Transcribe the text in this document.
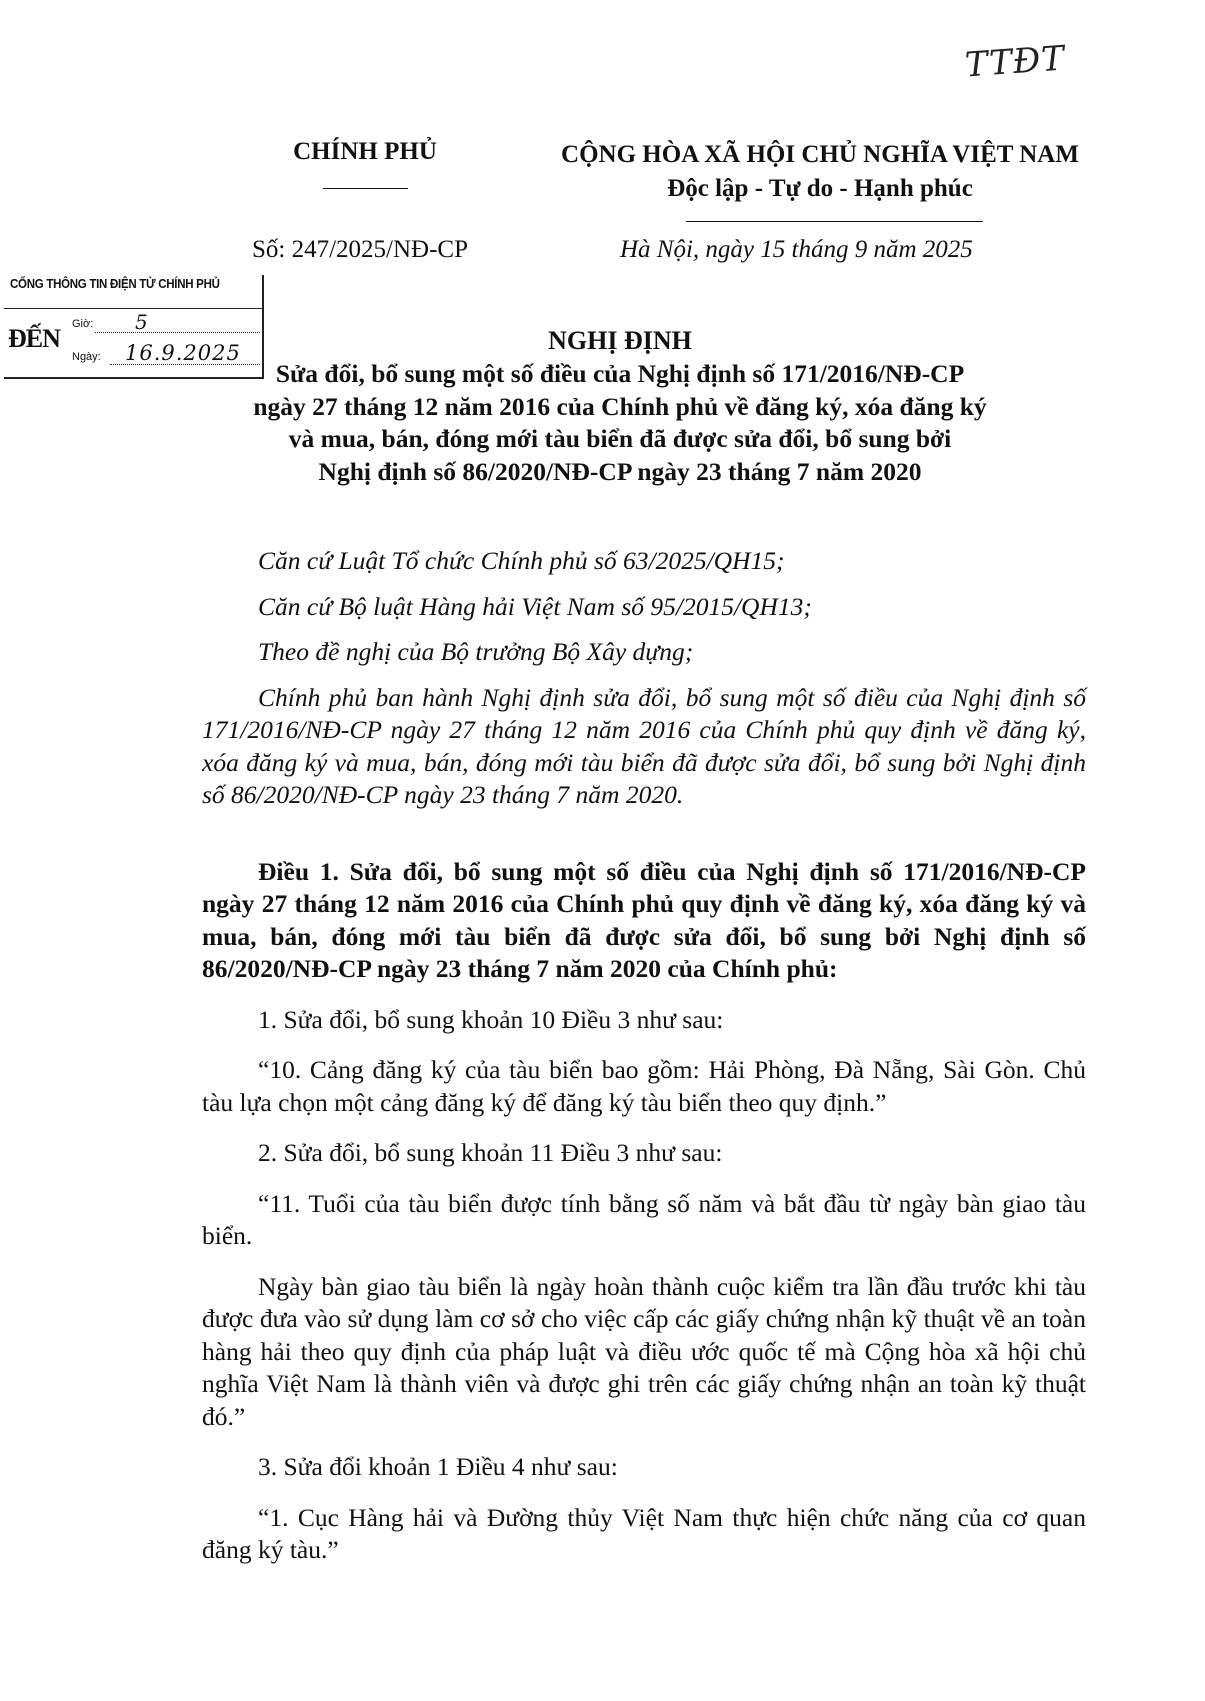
TTĐT
CHÍNH PHỦ	CỘNG HÒA XÃ HỘI CHỦ NGHĨA VIỆT NAM
Độc lập - Tự do - Hạnh phúc
Số: 247/2025/NĐ-CP	Hà Nội, ngày 15 tháng 9 năm 2025
CỔNG THÔNG TIN ĐIỆN TỬ CHÍNH PHỦ
ĐẾN Giờ: 5
Ngày: 16.9.2025	NGHỊ ĐỊNH
Sửa đổi, bổ sung một số điều của Nghị định số 171/2016/NĐ-CP
ngày 27 tháng 12 năm 2016 của Chính phủ về đăng ký, xóa đăng ký
và mua, bán, đóng mới tàu biển đã được sửa đổi, bổ sung bởi
Nghị định số 86/2020/NĐ-CP ngày 23 tháng 7 năm 2020

Căn cứ Luật Tổ chức Chính phủ số 63/2025/QH15;

Căn cứ Bộ luật Hàng hải Việt Nam số 95/2015/QH13;

Theo đề nghị của Bộ trưởng Bộ Xây dựng;

Chính phủ ban hành Nghị định sửa đổi, bổ sung một số điều của Nghị định số 171/2016/NĐ-CP ngày 27 tháng 12 năm 2016 của Chính phủ quy định về đăng ký, xóa đăng ký và mua, bán, đóng mới tàu biển đã được sửa đổi, bổ sung bởi Nghị định số 86/2020/NĐ-CP ngày 23 tháng 7 năm 2020.

Điều 1. Sửa đổi, bổ sung một số điều của Nghị định số 171/2016/NĐ-CP ngày 27 tháng 12 năm 2016 của Chính phủ quy định về đăng ký, xóa đăng ký và mua, bán, đóng mới tàu biển đã được sửa đổi, bổ sung bởi Nghị định số 86/2020/NĐ-CP ngày 23 tháng 7 năm 2020 của Chính phủ:

1. Sửa đổi, bổ sung khoản 10 Điều 3 như sau:

“10. Cảng đăng ký của tàu biển bao gồm: Hải Phòng, Đà Nẵng, Sài Gòn. Chủ tàu lựa chọn một cảng đăng ký để đăng ký tàu biển theo quy định.”

2. Sửa đổi, bổ sung khoản 11 Điều 3 như sau:

“11. Tuổi của tàu biển được tính bằng số năm và bắt đầu từ ngày bàn giao tàu biển.

Ngày bàn giao tàu biển là ngày hoàn thành cuộc kiểm tra lần đầu trước khi tàu được đưa vào sử dụng làm cơ sở cho việc cấp các giấy chứng nhận kỹ thuật về an toàn hàng hải theo quy định của pháp luật và điều ước quốc tế mà Cộng hòa xã hội chủ nghĩa Việt Nam là thành viên và được ghi trên các giấy chứng nhận an toàn kỹ thuật đó.”

3. Sửa đổi khoản 1 Điều 4 như sau:

“1. Cục Hàng hải và Đường thủy Việt Nam thực hiện chức năng của cơ quan đăng ký tàu.”
